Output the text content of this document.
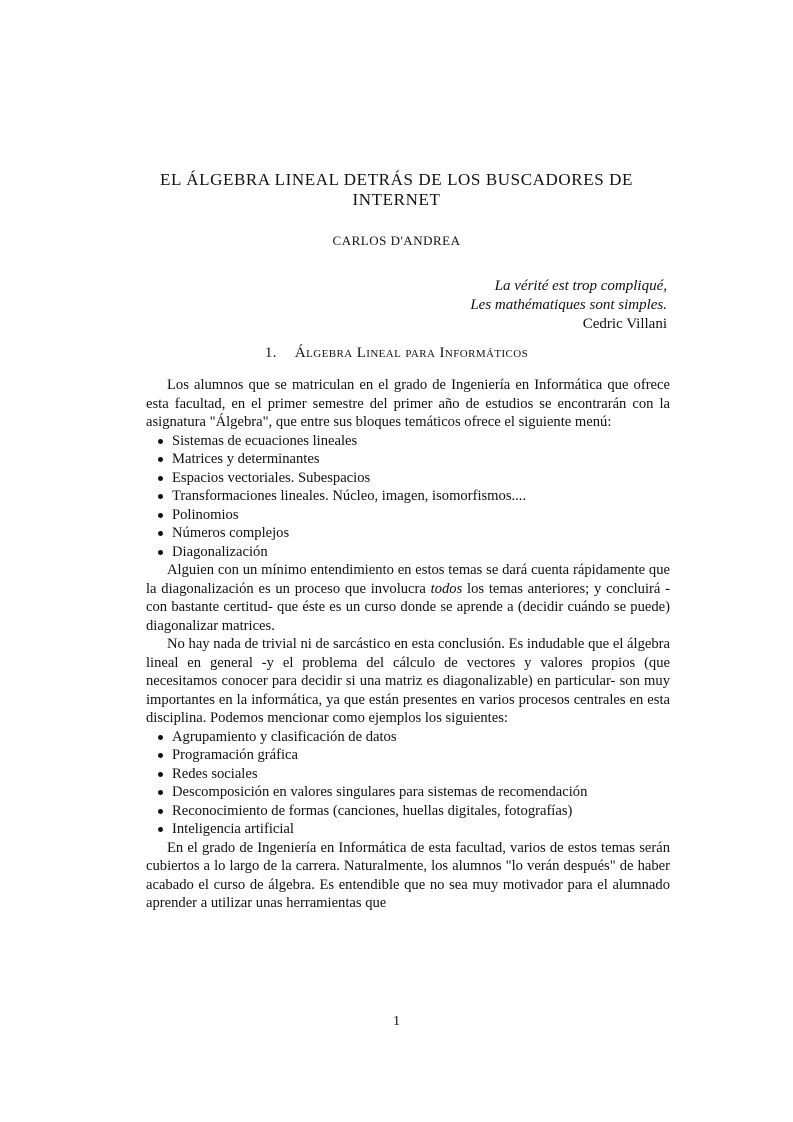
EL ÁLGEBRA LINEAL DETRÁS DE LOS BUSCADORES DE INTERNET
CARLOS D'ANDREA
La vérité est trop compliqué,
Les mathématiques sont simples.
Cedric Villani
1. Álgebra Lineal para Informáticos

Los alumnos que se matriculan en el grado de Ingeniería en Informática que ofrece esta facultad, en el primer semestre del primer año de estudios se encontrarán con la asignatura "Álgebra", que entre sus bloques temáticos ofrece el siguiente menú:

Sistemas de ecuaciones lineales
Matrices y determinantes
Espacios vectoriales. Subespacios
Transformaciones lineales. Núcleo, imagen, isomorfismos....
Polinomios
Números complejos
Diagonalización

Alguien con un mínimo entendimiento en estos temas se dará cuenta rápidamente que la diagonalización es un proceso que involucra todos los temas anteriores; y concluirá -con bastante certitud- que éste es un curso donde se aprende a (decidir cuándo se puede) diagonalizar matrices.

No hay nada de trivial ni de sarcástico en esta conclusión. Es indudable que el álgebra lineal en general -y el problema del cálculo de vectores y valores propios (que necesitamos conocer para decidir si una matriz es diagonalizable) en particular- son muy importantes en la informática, ya que están presentes en varios procesos centrales en esta disciplina. Podemos mencionar como ejemplos los siguientes:

Agrupamiento y clasificación de datos
Programación gráfica
Redes sociales
Descomposición en valores singulares para sistemas de recomendación
Reconocimiento de formas (canciones, huellas digitales, fotografías)
Inteligencia artificial

En el grado de Ingeniería en Informática de esta facultad, varios de estos temas serán cubiertos a lo largo de la carrera. Naturalmente, los alumnos "lo verán después" de haber acabado el curso de álgebra. Es entendible que no sea muy motivador para el alumnado aprender a utilizar unas herramientas que

1
